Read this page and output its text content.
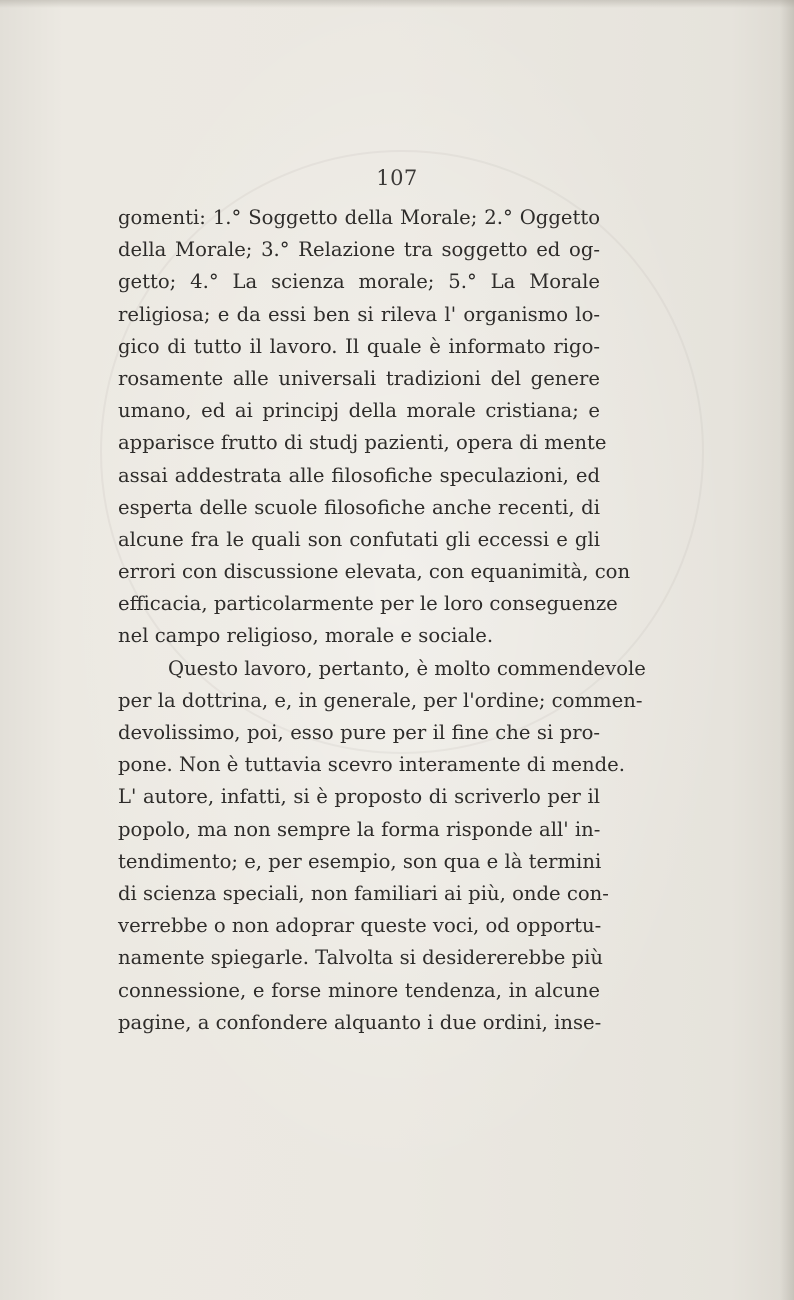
107
gomenti: 1.° Soggetto della Morale; 2.° Oggetto
della Morale; 3.° Relazione tra soggetto ed og-
getto; 4.° La scienza morale; 5.° La Morale
religiosa; e da essi ben si rileva l' organismo lo-
gico di tutto il lavoro. Il quale è informato rigo-
rosamente alle universali tradizioni del genere
umano, ed ai principj della morale cristiana; e
apparisce frutto di studj pazienti, opera di mente
assai addestrata alle filosofiche speculazioni, ed
esperta delle scuole filosofiche anche recenti, di
alcune fra le quali son confutati gli eccessi e gli
errori con discussione elevata, con equanimità, con
efficacia, particolarmente per le loro conseguenze
nel campo religioso, morale e sociale.
Questo lavoro, pertanto, è molto commendevole
per la dottrina, e, in generale, per l'ordine; commen-
devolissimo, poi, esso pure per il fine che si pro-
pone. Non è tuttavia scevro interamente di mende.
L' autore, infatti, si è proposto di scriverlo per il
popolo, ma non sempre la forma risponde all' in-
tendimento; e, per esempio, son qua e là termini
di scienza speciali, non familiari ai più, onde con-
verrebbe o non adoprar queste voci, od opportu-
namente spiegarle. Talvolta si desidererebbe più
connessione, e forse minore tendenza, in alcune
pagine, a confondere alquanto i due ordini, inse-
